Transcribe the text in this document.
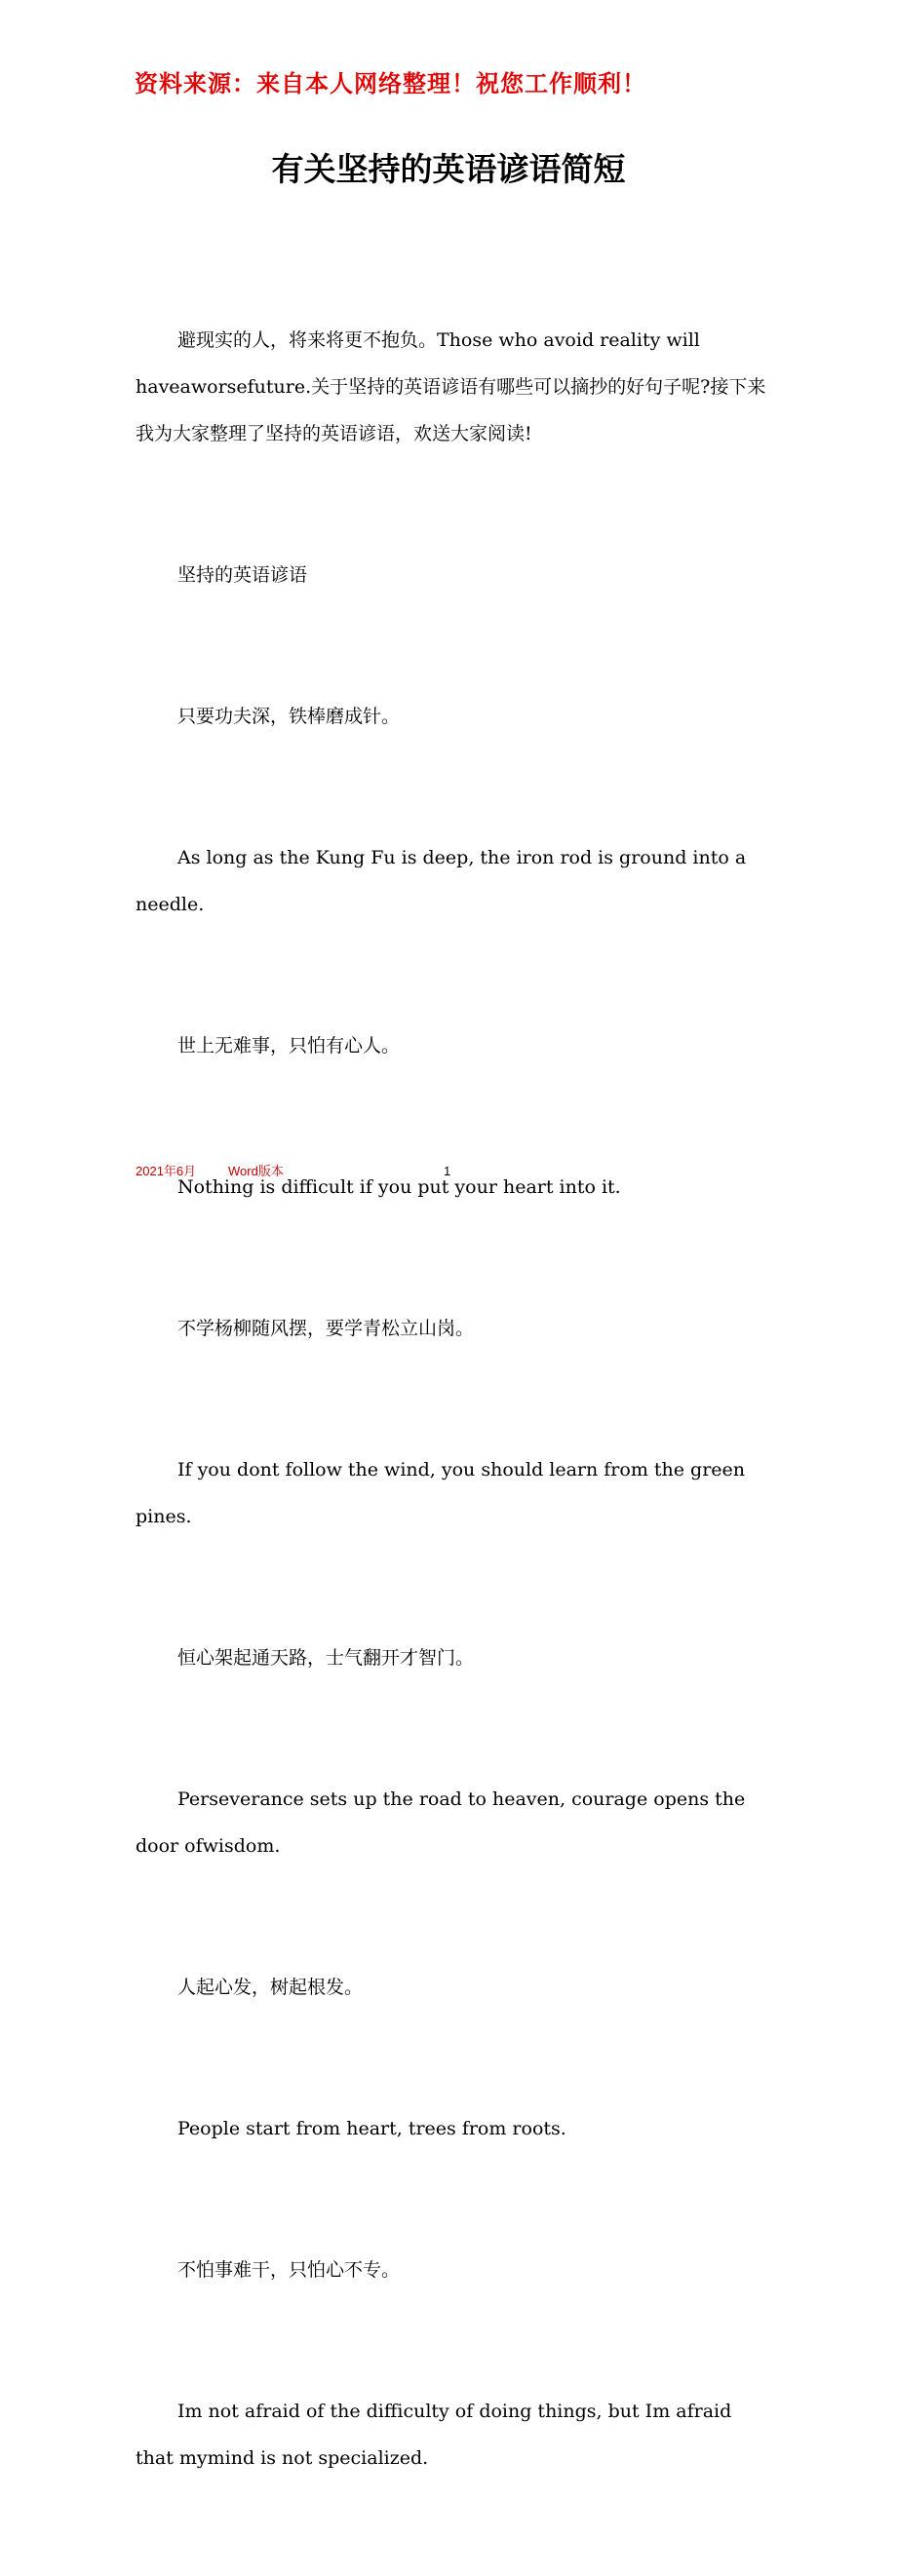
资料来源：来自本人网络整理！祝您工作顺利！
有关坚持的英语谚语简短

避现实的人，将来将更不抱负。Those who avoid reality will haveaworsefuture.关于坚持的英语谚语有哪些可以摘抄的好句子呢?接下来我为大家整理了坚持的英语谚语，欢送大家阅读!

坚持的英语谚语

只要功夫深，铁棒磨成针。

As long as the Kung Fu is deep, the iron rod is ground into a needle.

世上无难事，只怕有心人。

Nothing is difficult if you put your heart into it.

不学杨柳随风摆，要学青松立山岗。

If you dont follow the wind, you should learn from the green pines.

恒心架起通天路，士气翻开才智门。

Perseverance sets up the road to heaven, courage opens the door ofwisdom.

人起心发，树起根发。

People start from heart, trees from roots.

不怕事难干，只怕心不专。

Im not afraid of the difficulty of doing things, but Im afraid that mymind is not specialized.

2021年6月	Word版本	1
